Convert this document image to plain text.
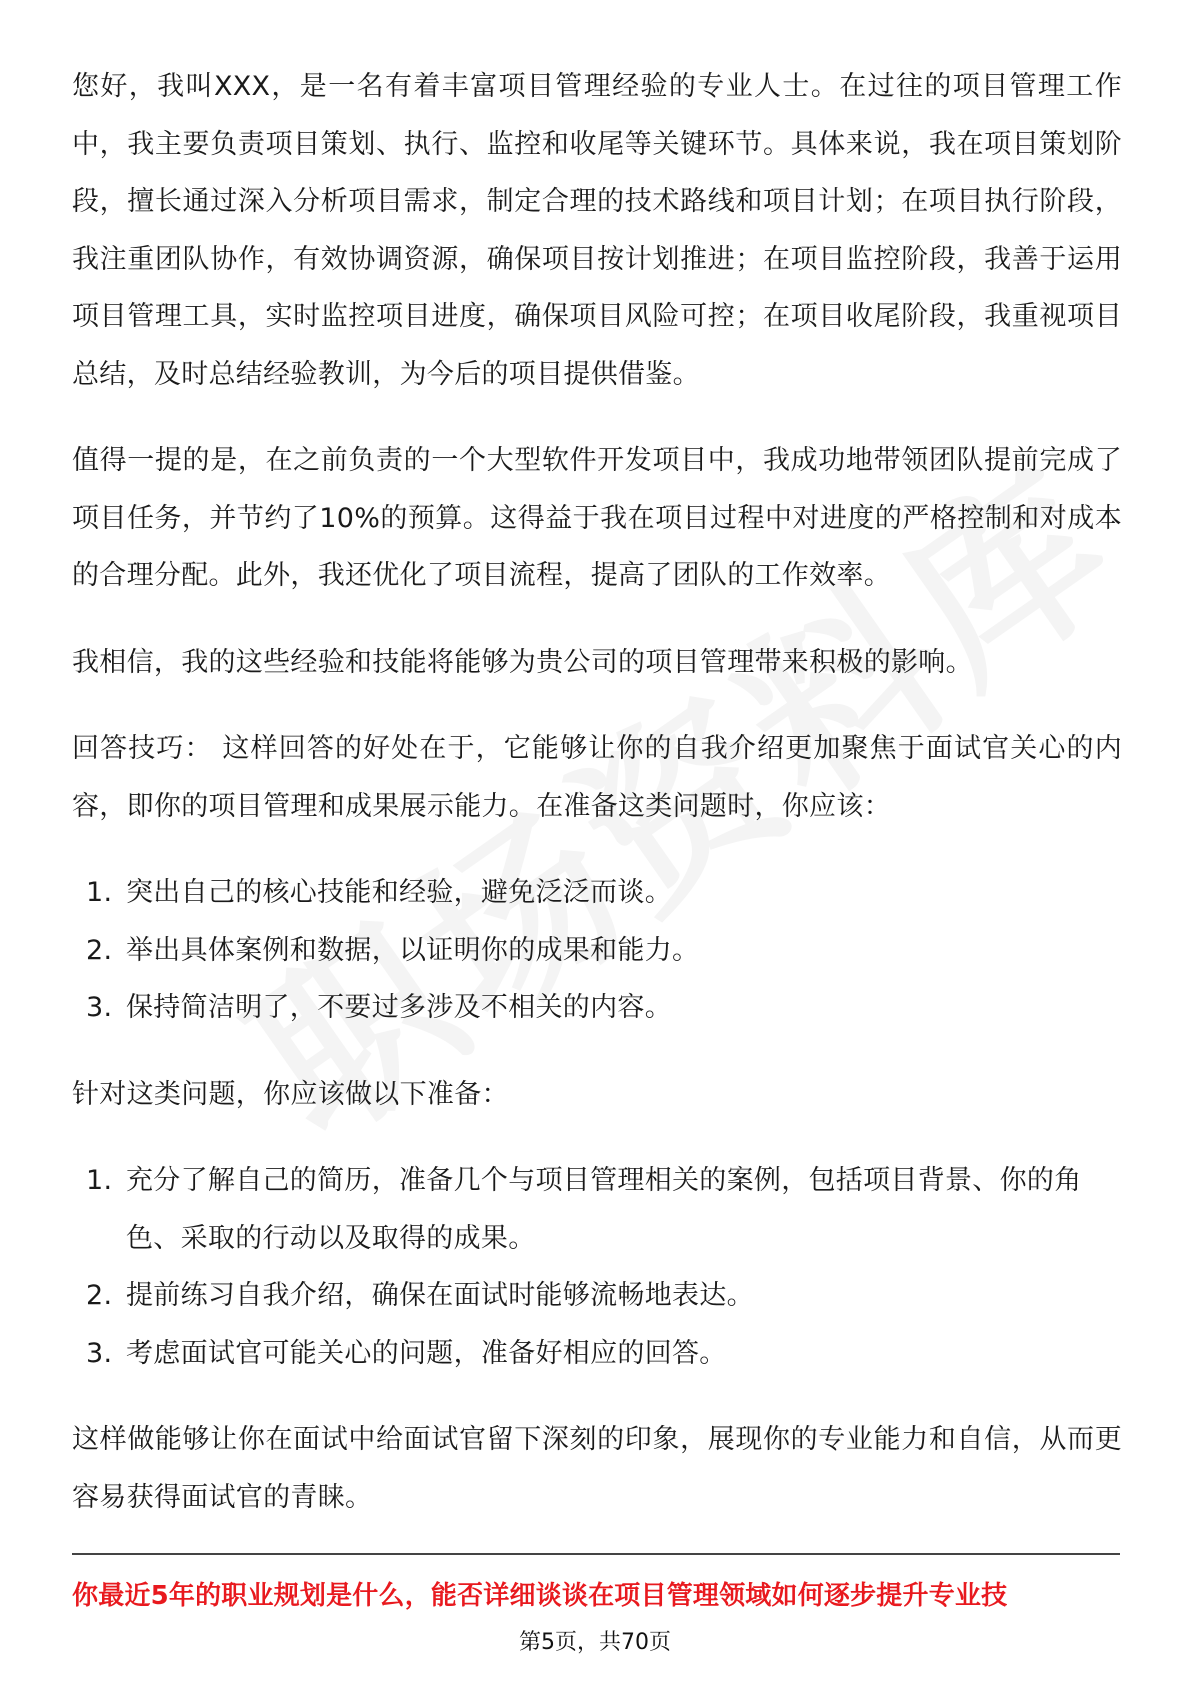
您好，我叫XXX，是一名有着丰富项目管理经验的专业人士。在过往的项目管理工作中，我主要负责项目策划、执行、监控和收尾等关键环节。具体来说，我在项目策划阶段，擅长通过深入分析项目需求，制定合理的技术路线和项目计划；在项目执行阶段，我注重团队协作，有效协调资源，确保项目按计划推进；在项目监控阶段，我善于运用项目管理工具，实时监控项目进度，确保项目风险可控；在项目收尾阶段，我重视项目总结，及时总结经验教训，为今后的项目提供借鉴。

值得一提的是，在之前负责的一个大型软件开发项目中，我成功地带领团队提前完成了项目任务，并节约了10%的预算。这得益于我在项目过程中对进度的严格控制和对成本的合理分配。此外，我还优化了项目流程，提高了团队的工作效率。

我相信，我的这些经验和技能将能够为贵公司的项目管理带来积极的影响。

回答技巧： 这样回答的好处在于，它能够让你的自我介绍更加聚焦于面试官关心的内容，即你的项目管理和成果展示能力。在准备这类问题时，你应该：

1. 突出自己的核心技能和经验，避免泛泛而谈。
2. 举出具体案例和数据，以证明你的成果和能力。
3. 保持简洁明了，不要过多涉及不相关的内容。

针对这类问题，你应该做以下准备：

1. 充分了解自己的简历，准备几个与项目管理相关的案例，包括项目背景、你的角色、采取的行动以及取得的成果。
2. 提前练习自我介绍，确保在面试时能够流畅地表达。
3. 考虑面试官可能关心的问题，准备好相应的回答。

这样做能够让你在面试中给面试官留下深刻的印象，展现你的专业能力和自信，从而更容易获得面试官的青睐。

你最近5年的职业规划是什么，能否详细谈谈在项目管理领域如何逐步提升专业技
第5页，共70页
